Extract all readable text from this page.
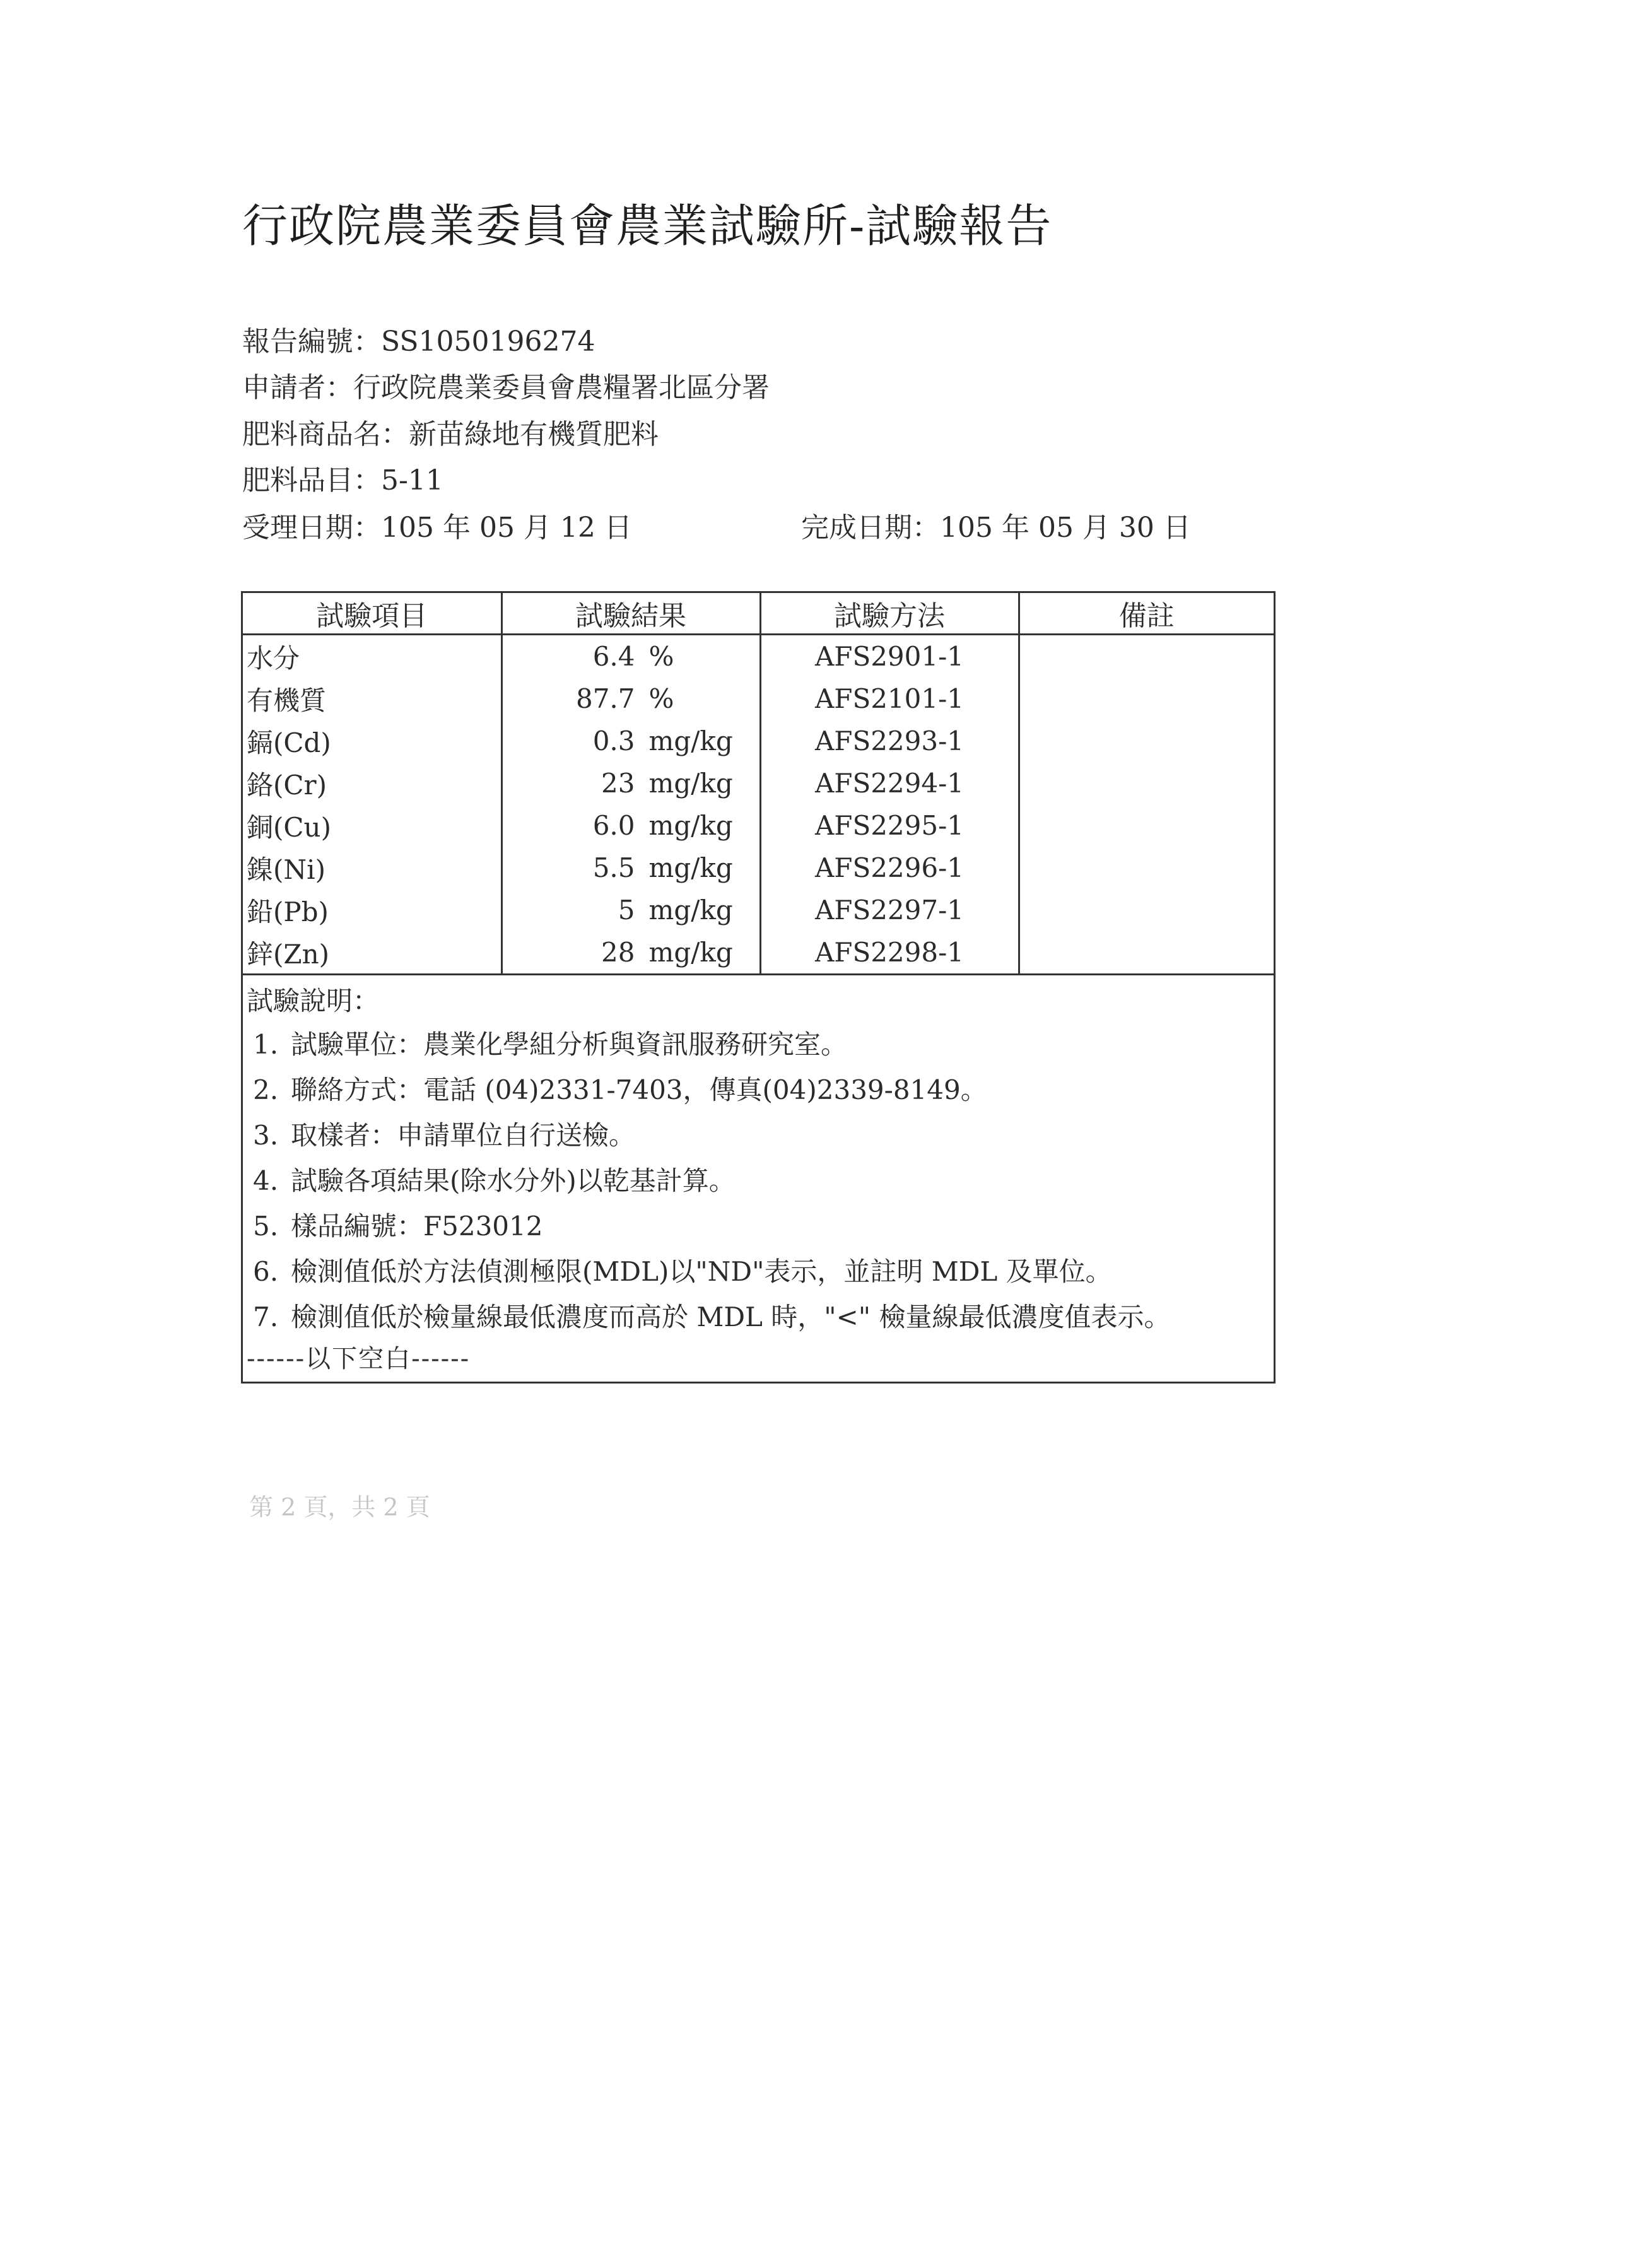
行政院農業委員會農業試驗所-試驗報告
報告編號：SS1050196274
申請者：行政院農業委員會農糧署北區分署
肥料商品名：新苗綠地有機質肥料
肥料品目：5-11
受理日期：105 年 05 月 12 日	完成日期：105 年 05 月 30 日
試驗項目	試驗結果	試驗方法	備註
水分	6.4 %	AFS2901-1	
有機質	87.7 %	AFS2101-1	
鎘(Cd)	0.3 mg/kg	AFS2293-1	
鉻(Cr)	23 mg/kg	AFS2294-1	
銅(Cu)	6.0 mg/kg	AFS2295-1	
鎳(Ni)	5.5 mg/kg	AFS2296-1	
鉛(Pb)	5 mg/kg	AFS2297-1	
鋅(Zn)	28 mg/kg	AFS2298-1	
試驗說明：
1. 試驗單位：農業化學組分析與資訊服務研究室。
2. 聯絡方式：電話 (04)2331-7403，傳真(04)2339-8149。
3. 取樣者：申請單位自行送檢。
4. 試驗各項結果(除水分外)以乾基計算。
5. 樣品編號：F523012
6. 檢測值低於方法偵測極限(MDL)以"ND"表示，並註明 MDL 及單位。
7. 檢測值低於檢量線最低濃度而高於 MDL 時，"<" 檢量線最低濃度值表示。
------以下空白------
第 2 頁，共 2 頁
